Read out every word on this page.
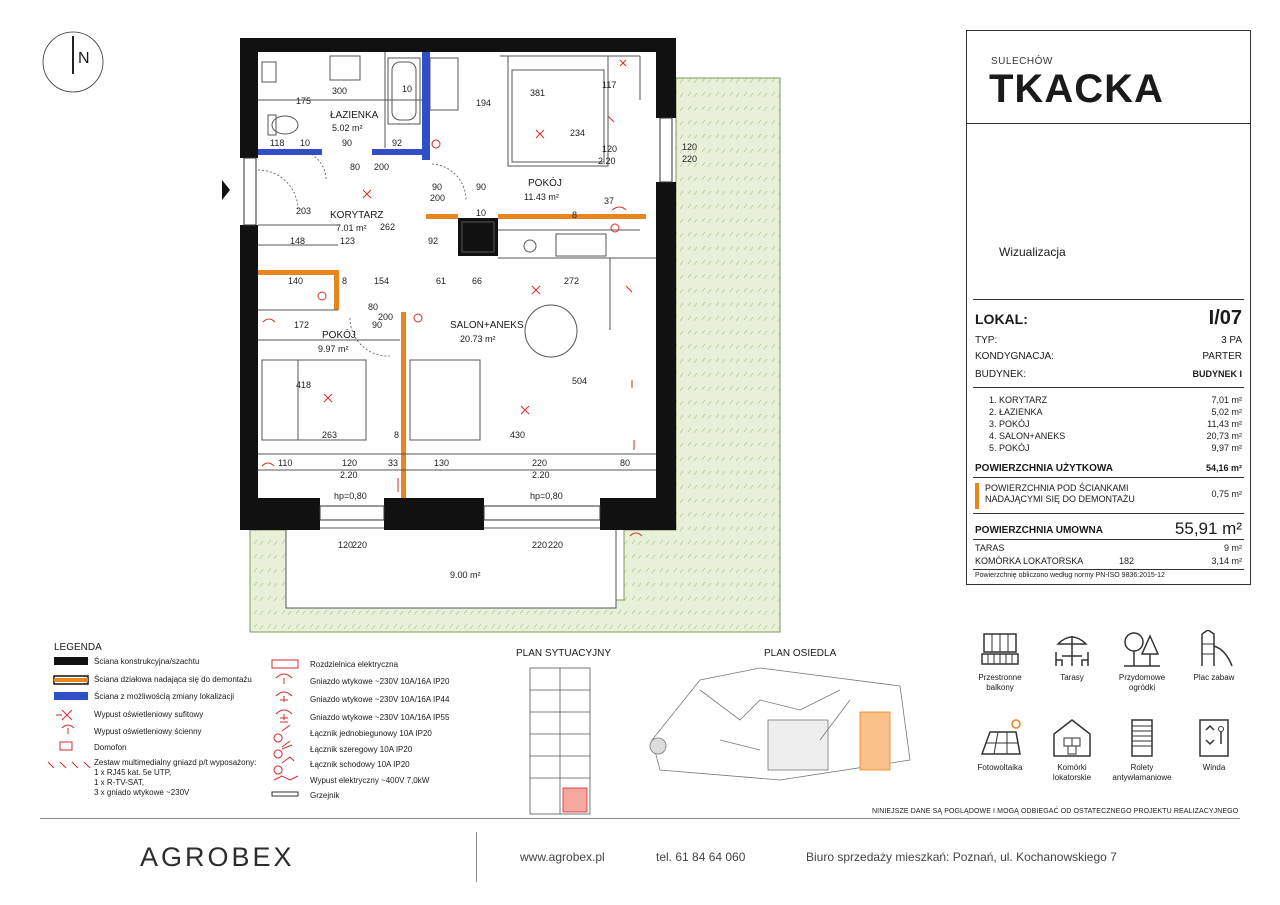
N
ŁAZIENKA
5.02 m²
KORYTARZ
7.01 m²
POKÓJ
11.43 m²
SALON+ANEKS
20.73 m²
POKÓJ
9.97 m²
9.00 m²
300	10
194
381
117
175
118 10	90	92
80 200
90
90
200
203
262
123	92
10	8
37
234
120
2.20
120
220
148
140	8	154	61	66	272
80
200
172	90
418	504
263	8	430
110	120
2.20
33	130	220
2.20
80
hp=0,80	hp=0,80
120
220	220 220
SULECHÓW
TKACKA
Wizualizacja
LOKAL:	I/07
TYP:	3 PA
KONDYGNACJA:	PARTER
BUDYNEK:	BUDYNEK I
1. KORYTARZ	7,01 m²
2. ŁAZIENKA	5,02 m²
3. POKÓJ	11,43 m²
4. SALON+ANEKS	20,73 m²
5. POKÓJ	9,97 m²
POWIERZCHNIA UŻYTKOWA	54,16 m²
POWIERZCHNIA POD ŚCIANKAMI
NADAJĄCYMI SIĘ DO DEMONTAŻU	0,75 m²
POWIERZCHNIA UMOWNA	55,91 m²
TARAS	9 m²
KOMÓRKA LOKATORSKA	182	3,14 m²
Powierzchnię obliczono według normy PN-ISO 9836:2015-12
LEGENDA
Ściana konstrukcyjna/szachtu
Ściana działowa nadająca się do demontażu
Ściana z możliwością zmiany lokalizacji
Wypust oświetleniowy sufitowy
Wypust oświetleniowy ścienny
Domofon
Zestaw multimedialny gniazd p/t wyposażony:
1 x RJ45 kat. 5e UTP,
1 x R-TV-SAT,
3 x gniado wtykowe ~230V
Rozdzielnica elektryczna
Gniazdo wtykowe ~230V 10A/16A IP20
Gniazdo wtykowe ~230V 10A/16A IP44
Gniazdo wtykowe ~230V 10A/16A IP55
Łącznik jednobiegunowy 10A IP20
Łącznik szeregowy 10A IP20
Łącznik schodowy 10A IP20
Wypust elektryczny ~400V 7,0kW
Grzejnik
PLAN SYTUACYJNY	PLAN OSIEDLA
Przestronne
balkony
Tarasy	Przydomowe
ogródki
Plac zabaw
Fotowoltaika	Komórki
lokatorskie
Rolety
antywłamaniowe
Winda
NINIEJSZE DANE SĄ POGLĄDOWE I MOGĄ ODBIEGAĆ OD OSTATECZNEGO PROJEKTU REALIZACYJNEGO
AGROBEX	www.agrobex.pl	tel. 61 84 64 060	Biuro sprzedaży mieszkań: Poznań, ul. Kochanowskiego 7
